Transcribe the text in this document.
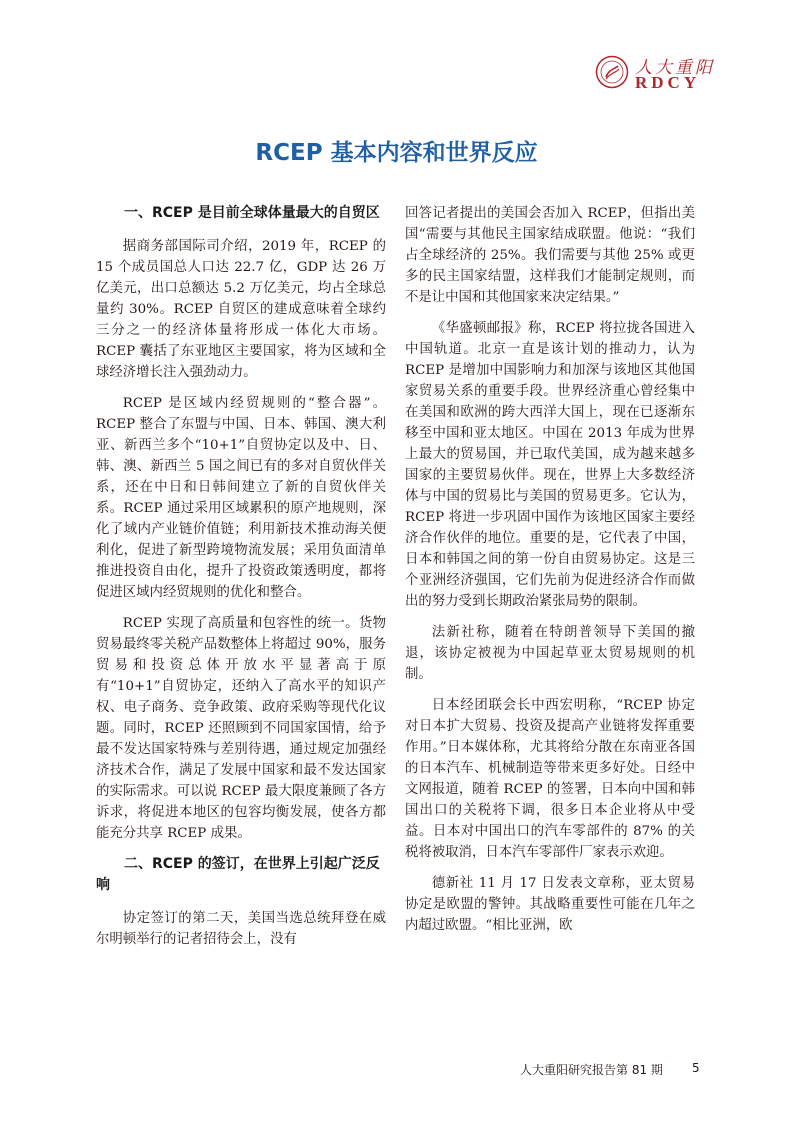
人大重阳
RDCY
RCEP 基本内容和世界反应
一、RCEP 是目前全球体量最大的自贸区

据商务部国际司介绍，2019 年，RCEP 的 15 个成员国总人口达 22.7 亿，GDP 达 26 万亿美元，出口总额达 5.2 万亿美元，均占全球总量约 30%。RCEP 自贸区的建成意味着全球约三分之一的经济体量将形成一体化大市场。RCEP 囊括了东亚地区主要国家，将为区域和全球经济增长注入强劲动力。

RCEP 是区域内经贸规则的“整合器”。RCEP 整合了东盟与中国、日本、韩国、澳大利亚、新西兰多个“10+1”自贸协定以及中、日、韩、澳、新西兰 5 国之间已有的多对自贸伙伴关系，还在中日和日韩间建立了新的自贸伙伴关系。RCEP 通过采用区域累积的原产地规则，深化了域内产业链价值链；利用新技术推动海关便利化，促进了新型跨境物流发展；采用负面清单推进投资自由化，提升了投资政策透明度，都将促进区域内经贸规则的优化和整合。

RCEP 实现了高质量和包容性的统一。货物贸易最终零关税产品数整体上将超过 90%，服务贸易和投资总体开放水平显著高于原有“10+1”自贸协定，还纳入了高水平的知识产权、电子商务、竞争政策、政府采购等现代化议题。同时，RCEP 还照顾到不同国家国情，给予最不发达国家特殊与差别待遇，通过规定加强经济技术合作，满足了发展中国家和最不发达国家的实际需求。可以说 RCEP 最大限度兼顾了各方诉求，将促进本地区的包容均衡发展，使各方都能充分共享 RCEP 成果。

二、RCEP 的签订，在世界上引起广泛反响

协定签订的第二天，美国当选总统拜登在威尔明顿举行的记者招待会上，没有

回答记者提出的美国会否加入 RCEP，但指出美国“需要与其他民主国家结成联盟。他说：“我们占全球经济的 25%。我们需要与其他 25% 或更多的民主国家结盟，这样我们才能制定规则，而不是让中国和其他国家来决定结果。”

《华盛顿邮报》称，RCEP 将拉拢各国进入中国轨道。北京一直是该计划的推动力，认为 RCEP 是增加中国影响力和加深与该地区其他国家贸易关系的重要手段。世界经济重心曾经集中在美国和欧洲的跨大西洋大国上，现在已逐渐东移至中国和亚太地区。中国在 2013 年成为世界上最大的贸易国，并已取代美国，成为越来越多国家的主要贸易伙伴。现在，世界上大多数经济体与中国的贸易比与美国的贸易更多。它认为，RCEP 将进一步巩固中国作为该地区国家主要经济合作伙伴的地位。重要的是，它代表了中国，日本和韩国之间的第一份自由贸易协定。这是三个亚洲经济强国，它们先前为促进经济合作而做出的努力受到长期政治紧张局势的限制。

法新社称，随着在特朗普领导下美国的撤退，该协定被视为中国起草亚太贸易规则的机制。

日本经团联会长中西宏明称，“RCEP 协定对日本扩大贸易、投资及提高产业链将发挥重要作用。”日本媒体称，尤其将给分散在东南亚各国的日本汽车、机械制造等带来更多好处。日经中文网报道，随着 RCEP 的签署，日本向中国和韩国出口的关税将下调，很多日本企业将从中受益。日本对中国出口的汽车零部件的 87% 的关税将被取消，日本汽车零部件厂家表示欢迎。

德新社 11 月 17 日发表文章称，亚太贸易协定是欧盟的警钟。其战略重要性可能在几年之内超过欧盟。“相比亚洲，欧

人大重阳研究报告第 81 期 5
